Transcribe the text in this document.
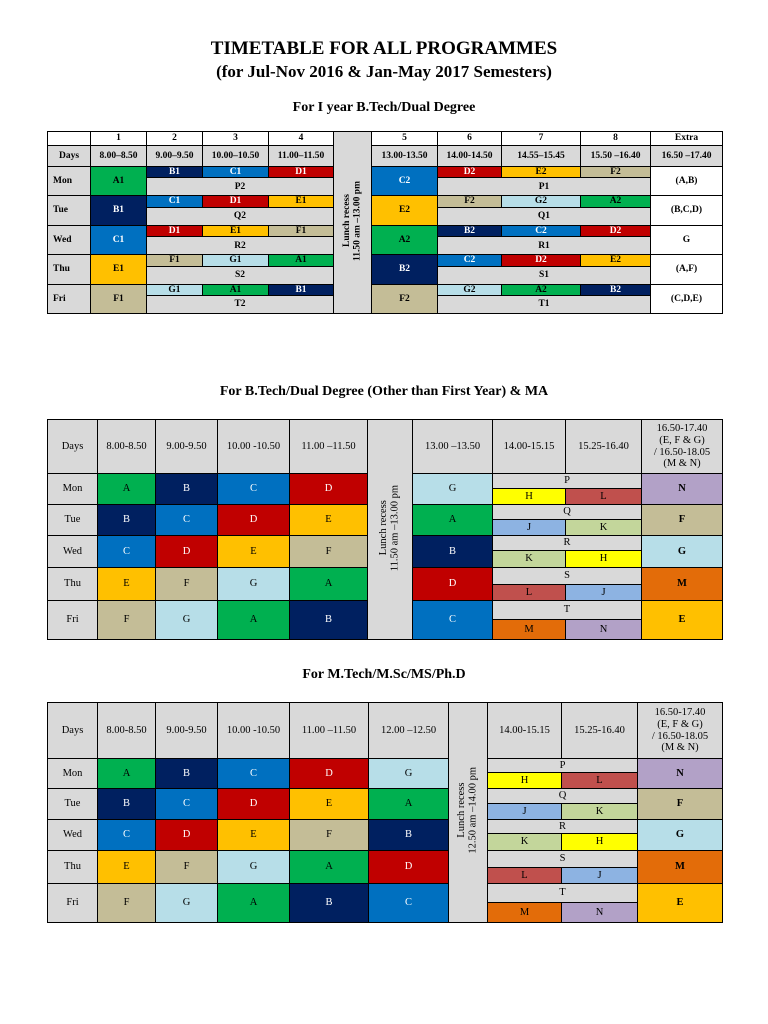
TIMETABLE FOR ALL PROGRAMMES
(for Jul-Nov 2016 & Jan-May 2017 Semesters)
For I year B.Tech/Dual Degree
	1	2	3	4	Lunch recess
11.50 am –13.00 pm	5	6	7	8	Extra
Days	8.00–8.50	9.00–9.50	10.00–10.50	11.00–11.50		13.00-13.50	14.00-14.50	14.55–15.45	15.50 –16.40	16.50 –17.40
Mon	A1	B1	C1	D1		C2	D2	E2	F2	(A,B)
		P2					P1			
Tue	B1	C1	D1	E1		E2	F2	G2	A2	(B,C,D)
		Q2					Q1			
Wed	C1	D1	E1	F1		A2	B2	C2	D2	G
		R2					R1			
Thu	E1	F1	G1	A1		B2	C2	D2	E2	(A,F)
		S2					S1			
Fri	F1	G1	A1	B1		F2	G2	A2	B2	(C,D,E)
		T2					T1			
For B.Tech/Dual Degree (Other than First Year) & MA
Days	8.00-8.50	9.00-9.50	10.00 -10.50	11.00 –11.50	Lunch recess
11.50 am –13.00 pm	13.00 –13.50	14.00-15.15	15.25-16.40	16.50-17.40
(E, F & G)
/ 16.50-18.05
(M & N)
Mon	A	B	C	D		G	P		N
							H	L	

Tue	B	C	D	E		A	Q		F
							J	K	

Wed	C	D	E	F		B	R		G
							K	H	

Thu	E	F	G	A		D	S		M
							L	J	

Fri	F	G	A	B		C	T		E
							M	N	

For M.Tech/M.Sc/MS/Ph.D
Days	8.00-8.50	9.00-9.50	10.00 -10.50	11.00 –11.50	12.00 –12.50	Lunch recess
12.50 am –14.00 pm	14.00-15.15	15.25-16.40	16.50-17.40
(E, F & G)
/ 16.50-18.05
(M & N)
Mon	A	B	C	D	G		P		N
							H	L	

Tue	B	C	D	E	A		Q		F
							J	K	

Wed	C	D	E	F	B		R		G
							K	H	

Thu	E	F	G	A	D		S		M
							L	J	

Fri	F	G	A	B	C		T		E
							M	N	
